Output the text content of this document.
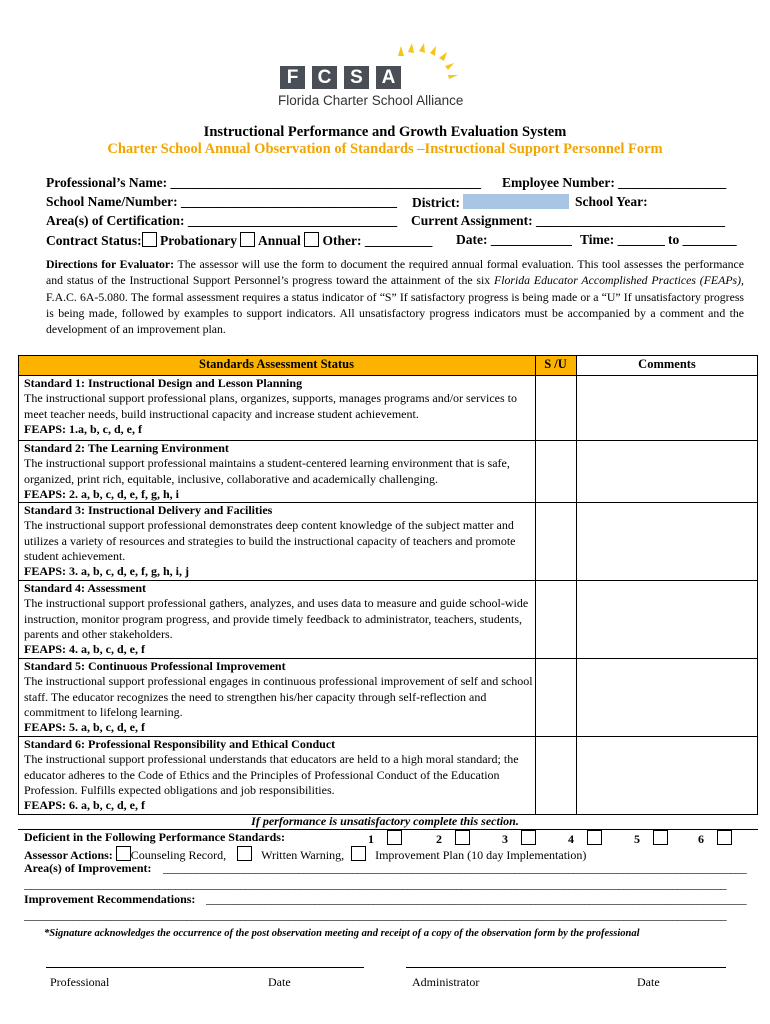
F	C S A
Florida Charter School Alliance
Instructional Performance and Growth Evaluation System
Charter School Annual Observation of Standards –Instructional Support Personnel Form
Professional’s Name: ______________________________________________ Employee Number: ________________
School Name/Number: ________________________________ District:	School Year:
Area(s) of Certification: _______________________________ Current Assignment: ____________________________
Contract Status: Probationary Annual Other: __________ Date: ____________ Time: _______ to ________
Directions for Evaluator: The assessor will use the form to document the required annual formal evaluation. This tool assesses the performance and status of the Instructional Support Personnel’s progress toward the attainment of the six Florida Educator Accomplished Practices (FEAPs), F.A.C. 6A-5.080. The formal assessment requires a status indicator of “S” If satisfactory progress is being made or a “U” If unsatisfactory progress is being made, followed by examples to support indicators. All unsatisfactory progress indicators must be accompanied by a comment and the development of an improvement plan.
Standards Assessment Status	S /U	Comments
Standard 1: Instructional Design and Lesson Planning
The instructional support professional plans, organizes, supports, manages programs and/or services to meet teacher needs, build instructional capacity and increase student achievement.
FEAPS: 1.a, b, c, d, e, f
Standard 2: The Learning Environment
The instructional support professional maintains a student-centered learning environment that is safe, organized, print rich, equitable, inclusive, collaborative and academically challenging.
FEAPS: 2. a, b, c, d, e, f, g, h, i
Standard 3: Instructional Delivery and Facilities
The instructional support professional demonstrates deep content knowledge of the subject matter and utilizes a variety of resources and strategies to build the instructional capacity of teachers and promote student achievement.
FEAPS: 3. a, b, c, d, e, f, g, h, i, j
Standard 4: Assessment
The instructional support professional gathers, analyzes, and uses data to measure and guide school-wide instruction, monitor program progress, and provide timely feedback to administrator, teachers, students, parents and other stakeholders.
FEAPS: 4. a, b, c, d, e, f
Standard 5: Continuous Professional Improvement
The instructional support professional engages in continuous professional improvement of self and school staff. The educator recognizes the need to strengthen his/her capacity through self-reflection and commitment to lifelong learning.
FEAPS: 5. a, b, c, d, e, f
Standard 6: Professional Responsibility and Ethical Conduct
The instructional support professional understands that educators are held to a high moral standard; the educator adheres to the Code of Ethics and the Principles of Professional Conduct of the Education Profession. Fulfills expected obligations and job responsibilities.
FEAPS: 6. a, b, c, d, e, f
If performance is unsatisfactory complete this section.
Deficient in the Following Performance Standards:	1	2	3	4	5	6
Assessor Actions: Counseling Record,	Written Warning,	Improvement Plan (10 day Implementation)
Area(s) of Improvement: ____________________________________________________________________________________________________________
__________________________________________________________________________________________________________________________________
Improvement Recommendations: ____________________________________________________________________________________________________
__________________________________________________________________________________________________________________________________
*Signature acknowledges the occurrence of the post observation meeting and receipt of a copy of the observation form by the professional
Professional	Date	Administrator	Date
